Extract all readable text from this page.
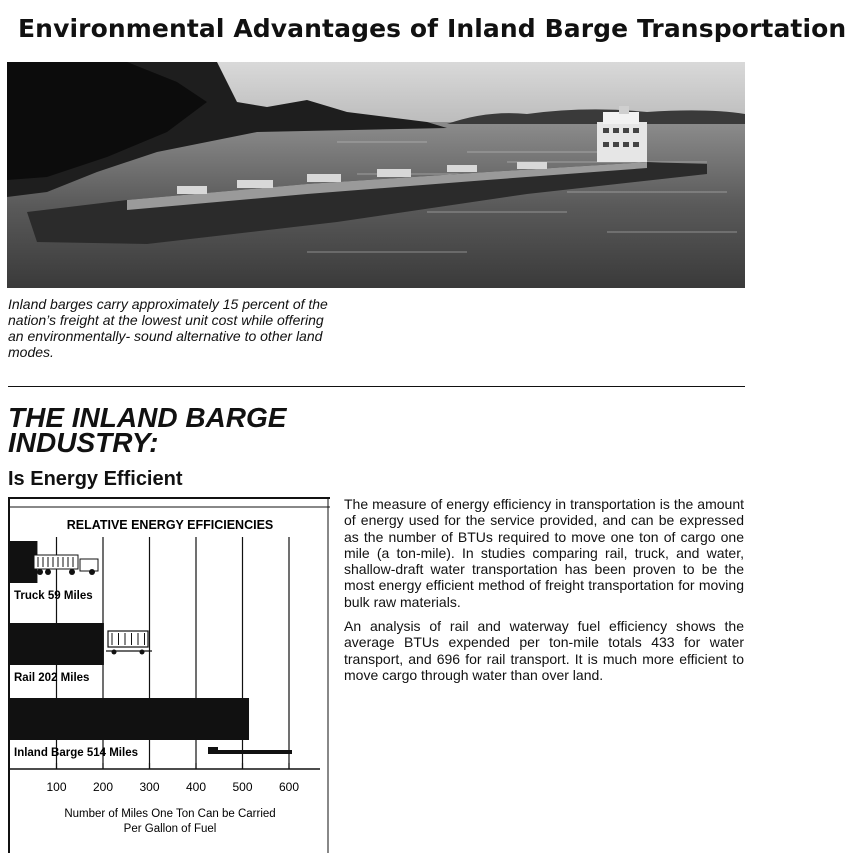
Environmental Advantages of Inland Barge Transportation
Inland barges carry approximately 15 percent of the nation’s freight at the lowest unit cost while offering an environmentally- sound alternative to other land modes.
THE INLAND BARGE
INDUSTRY:
Is Energy Efficient
RELATIVE ENERGY EFFICIENCIES
100 200 300 400 500 600
Truck 59 Miles
Rail 202 Miles
Inland Barge 514 Miles
Number of Miles One Ton Can be Carried
Per Gallon of Fuel

The measure of energy efficiency in transportation is the amount of energy used for the service provided, and can be expressed as the number of BTUs required to move one ton of cargo one mile (a ton-mile). In studies comparing rail, truck, and water, shallow-draft water transportation has been proven to be the most energy efficient method of freight transportation for moving bulk raw materials.

An analysis of rail and waterway fuel efficiency shows the average BTUs expended per ton-mile totals 433 for water transport, and 696 for rail transport. It is much more efficient to move cargo through water than over land.
